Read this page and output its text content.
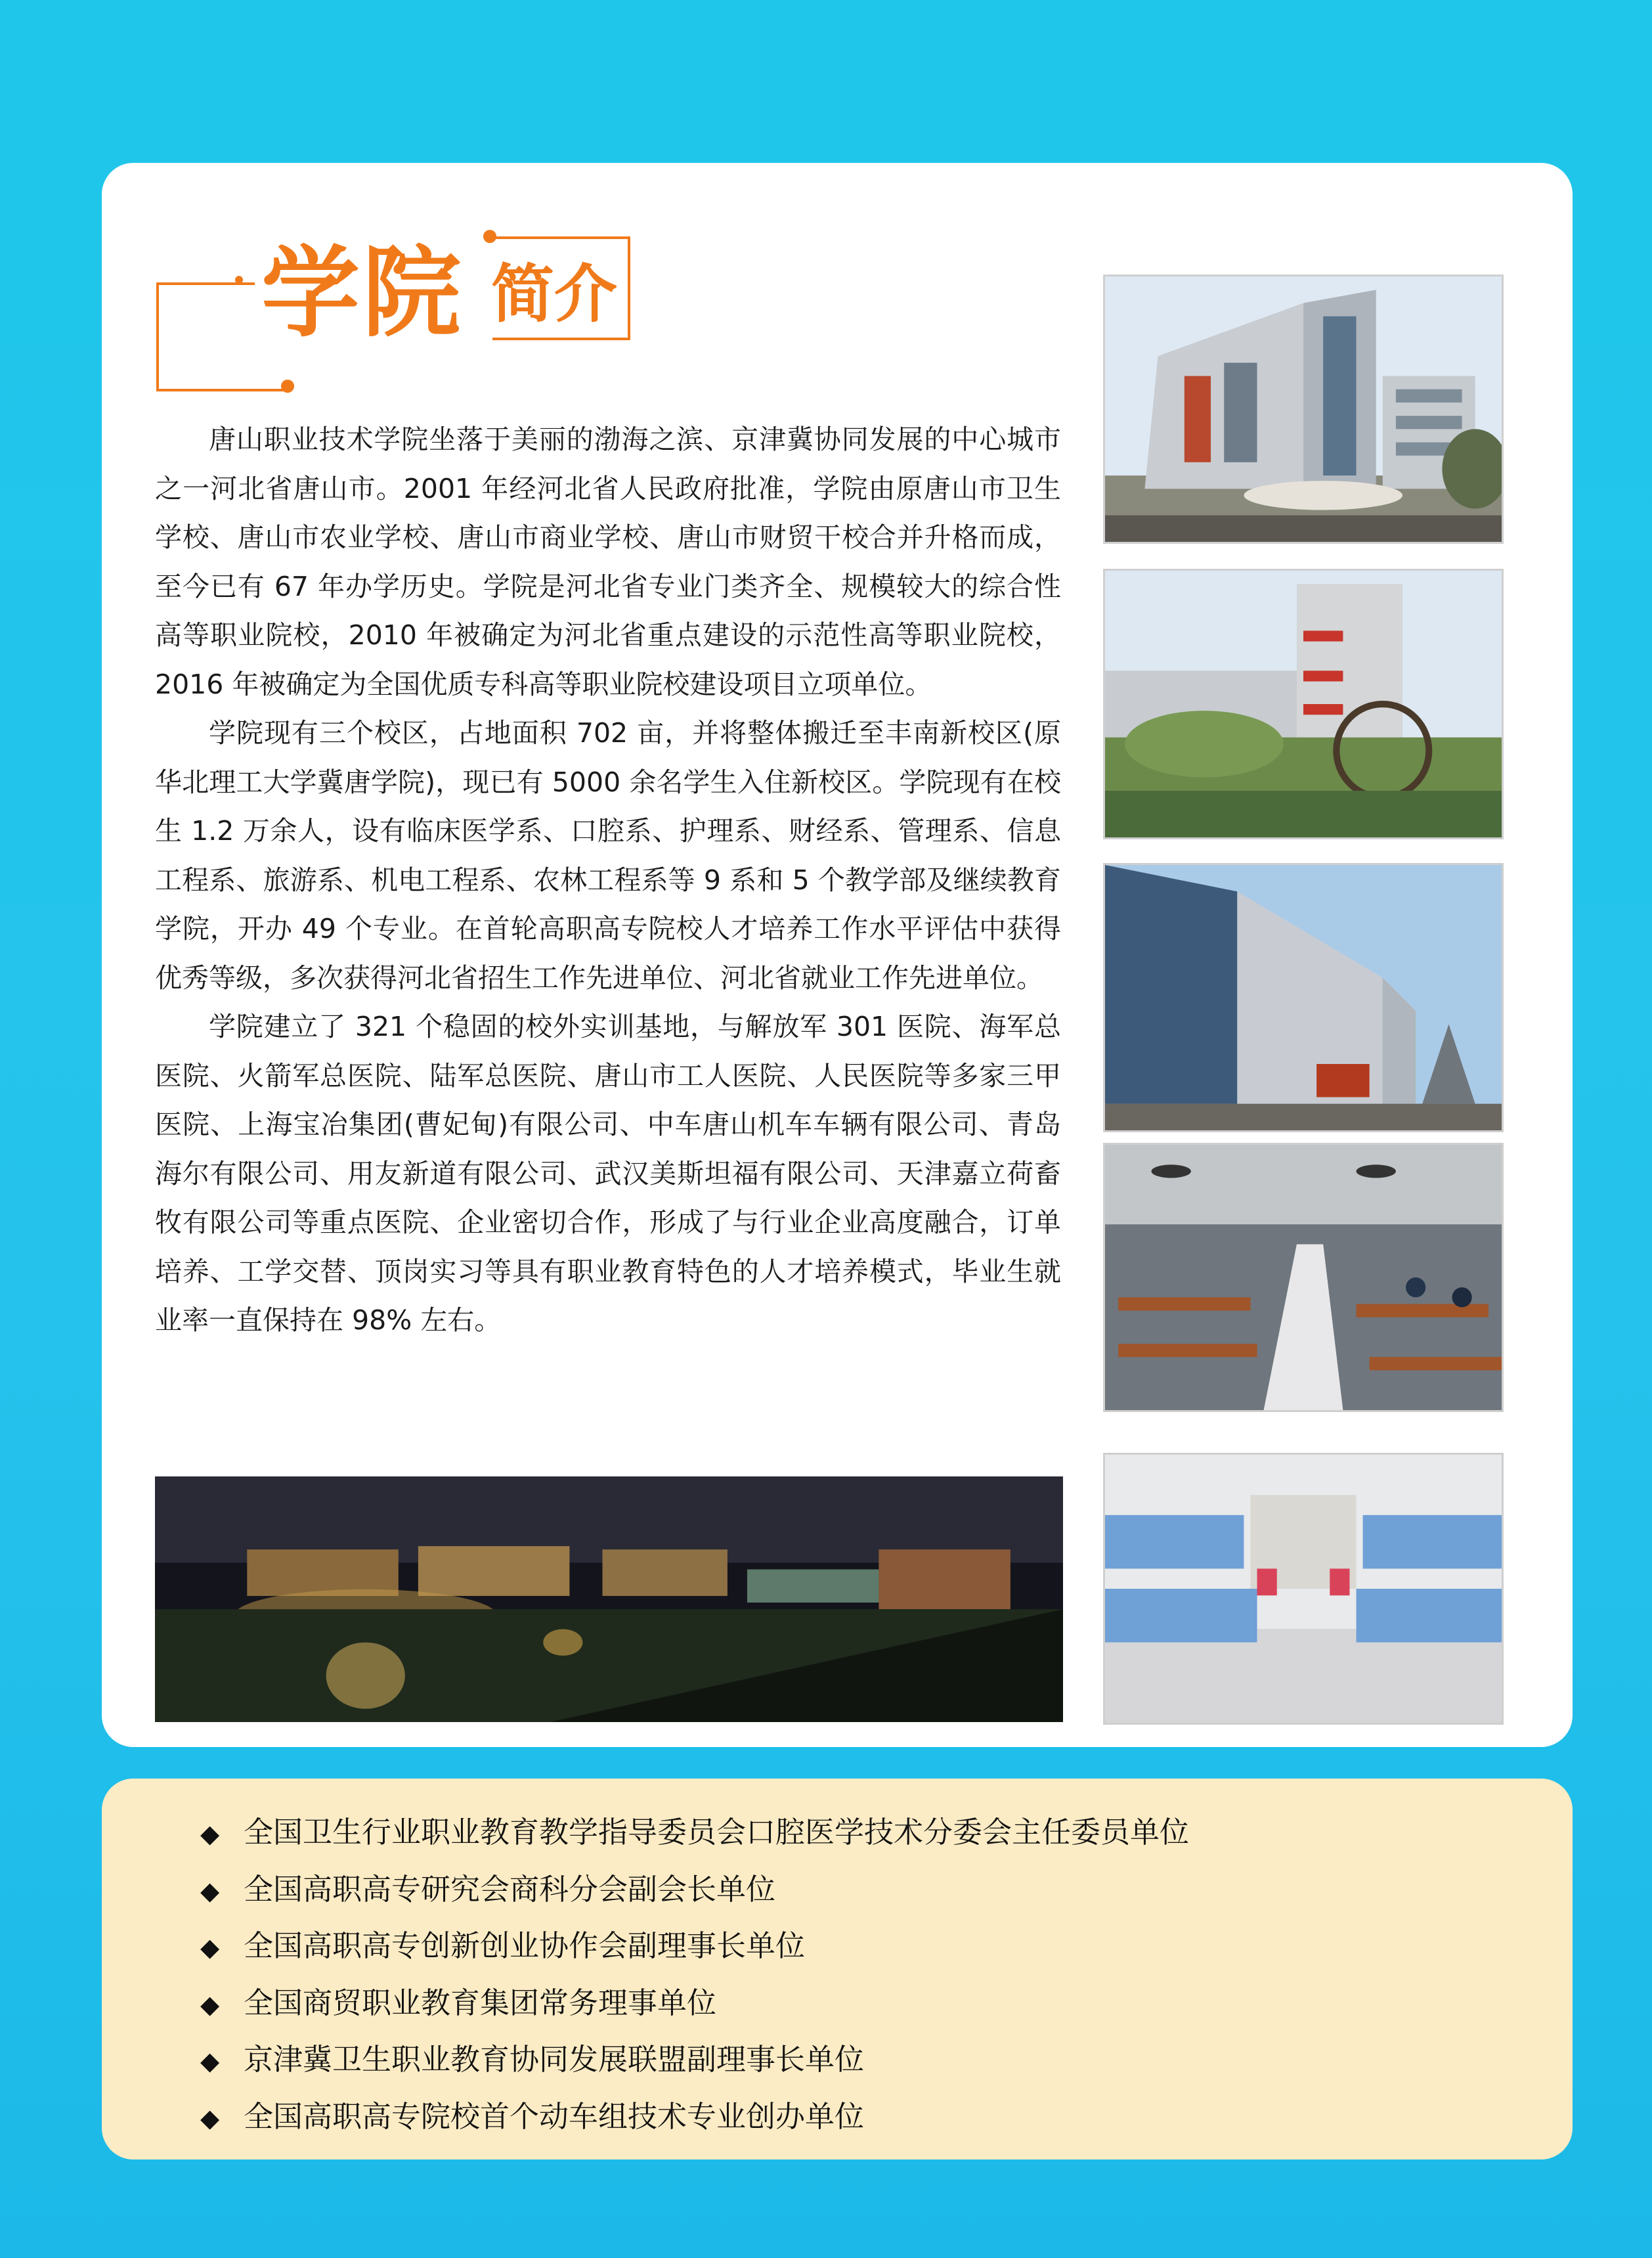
学院 简介

唐山职业技术学院坐落于美丽的渤海之滨、京津冀协同发展的中心城市之一河北省唐山市。2001 年经河北省人民政府批准，学院由原唐山市卫生学校、唐山市农业学校、唐山市商业学校、唐山市财贸干校合并升格而成，至今已有 67 年办学历史。学院是河北省专业门类齐全、规模较大的综合性高等职业院校，2010 年被确定为河北省重点建设的示范性高等职业院校，2016 年被确定为全国优质专科高等职业院校建设项目立项单位。

学院现有三个校区，占地面积 702 亩，并将整体搬迁至丰南新校区(原华北理工大学冀唐学院)，现已有 5000 余名学生入住新校区。学院现有在校生 1.2 万余人，设有临床医学系、口腔系、护理系、财经系、管理系、信息工程系、旅游系、机电工程系、农林工程系等 9 系和 5 个教学部及继续教育学院，开办 49 个专业。在首轮高职高专院校人才培养工作水平评估中获得优秀等级，多次获得河北省招生工作先进单位、河北省就业工作先进单位。

学院建立了 321 个稳固的校外实训基地，与解放军 301 医院、海军总医院、火箭军总医院、陆军总医院、唐山市工人医院、人民医院等多家三甲医院、上海宝冶集团(曹妃甸)有限公司、中车唐山机车车辆有限公司、青岛海尔有限公司、用友新道有限公司、武汉美斯坦福有限公司、天津嘉立荷畜牧有限公司等重点医院、企业密切合作，形成了与行业企业高度融合，订单培养、工学交替、顶岗实习等具有职业教育特色的人才培养模式，毕业生就业率一直保持在 98% 左右。

◆ 全国卫生行业职业教育教学指导委员会口腔医学技术分委会主任委员单位
◆ 全国高职高专研究会商科分会副会长单位
◆ 全国高职高专创新创业协作会副理事长单位
◆ 全国商贸职业教育集团常务理事单位
◆ 京津冀卫生职业教育协同发展联盟副理事长单位
◆ 全国高职高专院校首个动车组技术专业创办单位
